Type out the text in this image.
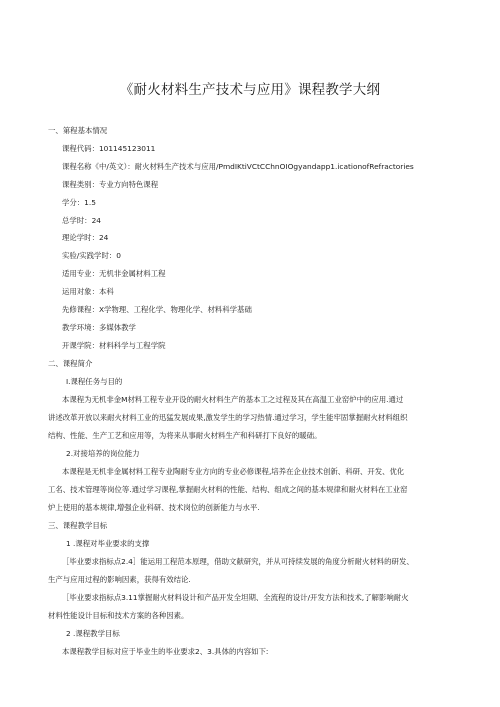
《耐火材料生产技术与应用》课程教学大纲
一、第程基本情况
课程代码：101145123011
课程名称《中/英文）：耐火材料生产技术与应用/PmdIKtiVCtCChnOIOgyandapp1.icationofRefractories
课程类别：专业方向特色课程
学分：1.5
总学时：24
理论学时：24
实验/实践学时：0
适用专业：无机非金属材料工程
运用对象：本科
先修课程：X学物理、工程化学、物理化学、材料科学基础
教学环境：多媒体教学
开课学院：材料科学与工程学院
二、课程简介
I.课程任务与目的
本课程为无机非金M材料工程专业开设的耐火材料生产的基本工之过程及其在高温工业窑炉中的应用.通过
讲述改革开放以来耐火材料工业的迅猛发展成果,激发学生的学习热情.通过学习，学生能牢固掌握耐火材料组织
结构、性能、生产工艺和应用等，为将来从事耐火材料生产和科研打下良好的暖础。
2.对接培养的岗位能力
本课程是无机非金属材料工程专业陶耐专业方向的专业必修课程,培养在企业技术创新、科研、开发、优化
工名、技术管理等岗位等.通过学习课程,掌握耐火材料的性能、结构、组成之间的基本规律和耐火材料在工业窑
炉上使用的基本规律,增强企业科研、技术岗位的创新能力与水平.
三、课程教学目标
1 .课程对毕业要求的支撑
［毕业要求指标点2.4］能运用工程范本原理，借助文献研究，并从可持续发展的角度分析耐火材料的研发、
生产与应用过程的影响因素，获得有效结论.
［毕业要求指标点3.11掌握耐火材料设计和产品开发全坦期、全流程的设计/开发方法和技术,了解影响耐火
材料性能设计目标和技术方案的各种因素。
2 .课程教学目标
本课程教学目标对应于毕业生的毕业要求2、3.具体的内容如下:
